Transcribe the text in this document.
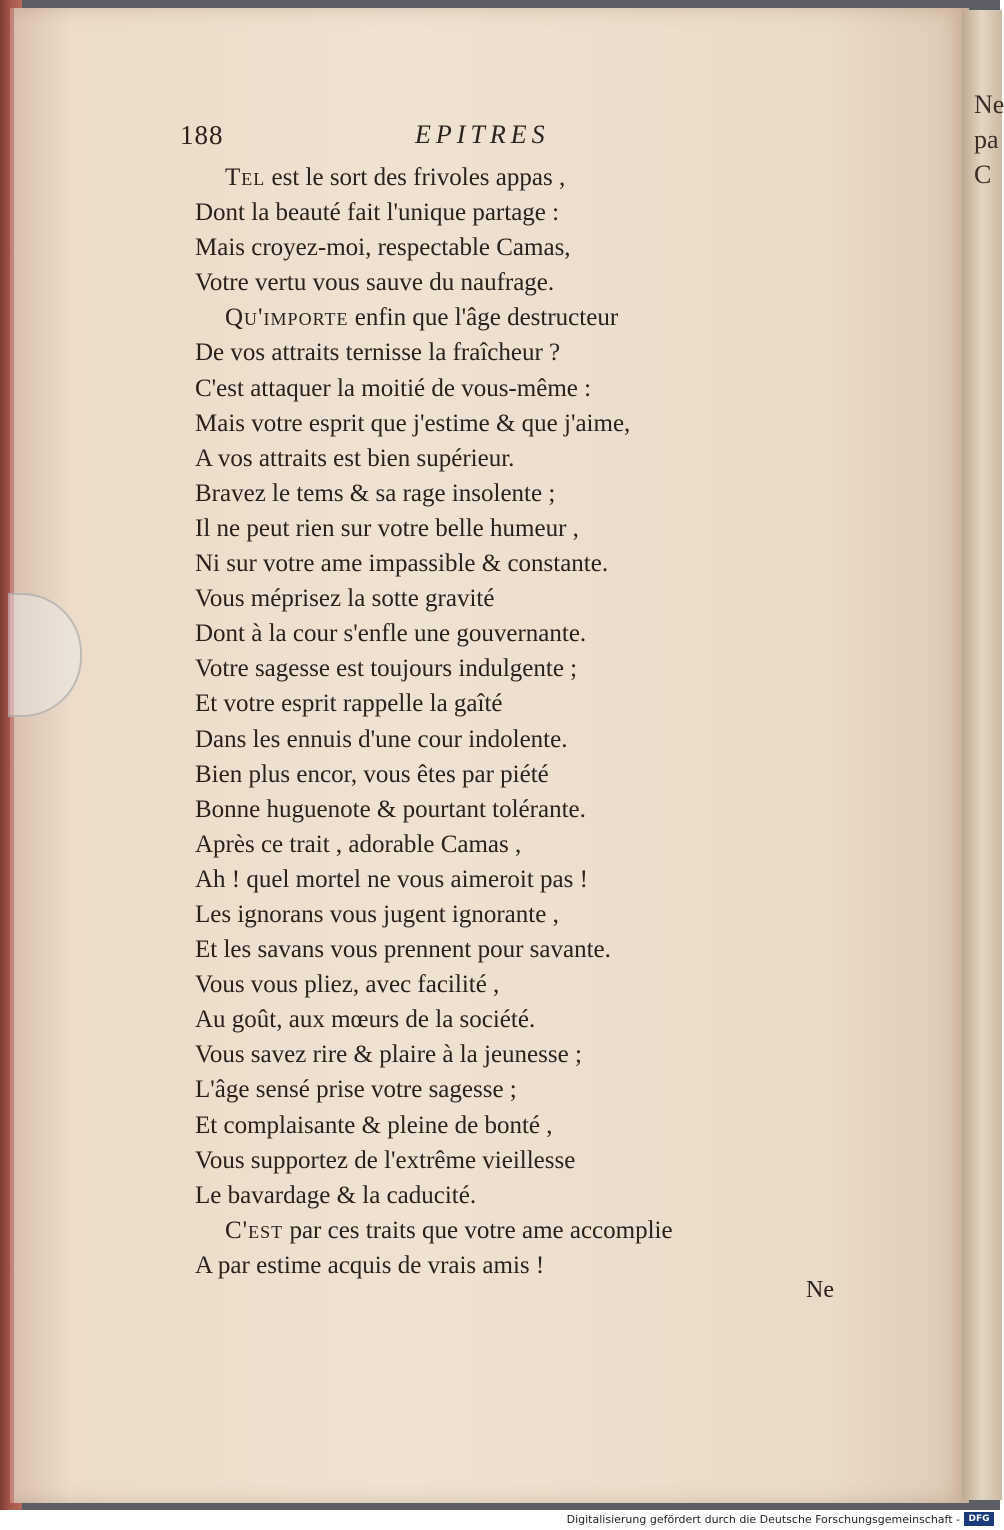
Ne
pa
C
188	EPITRES
Tel est le sort des frivoles appas ,
Dont la beauté fait l'unique partage :
Mais croyez-moi, respectable Camas,
Votre vertu vous sauve du naufrage.
Qu'importe enfin que l'âge destructeur
De vos attraits ternisse la fraîcheur ?
C'est attaquer la moitié de vous-même :
Mais votre esprit que j'estime & que j'aime,
A vos attraits est bien supérieur.
Bravez le tems & sa rage insolente ;
Il ne peut rien sur votre belle humeur ,
Ni sur votre ame impassible & constante.
Vous méprisez la sotte gravité
Dont à la cour s'enfle une gouvernante.
Votre sagesse est toujours indulgente ;
Et votre esprit rappelle la gaîté
Dans les ennuis d'une cour indolente.
Bien plus encor, vous êtes par piété
Bonne huguenote & pourtant tolérante.
Après ce trait , adorable Camas ,
Ah ! quel mortel ne vous aimeroit pas !
Les ignorans vous jugent ignorante ,
Et les savans vous prennent pour savante.
Vous vous pliez, avec facilité ,
Au goût, aux mœurs de la société.
Vous savez rire & plaire à la jeunesse ;
L'âge sensé prise votre sagesse ;
Et complaisante & pleine de bonté ,
Vous supportez de l'extrême vieillesse
Le bavardage & la caducité.
C'est par ces traits que votre ame accomplie
A par estime acquis de vrais amis !
Ne
Digitalisierung gefördert durch die Deutsche Forschungsgemeinschaft - DFG
